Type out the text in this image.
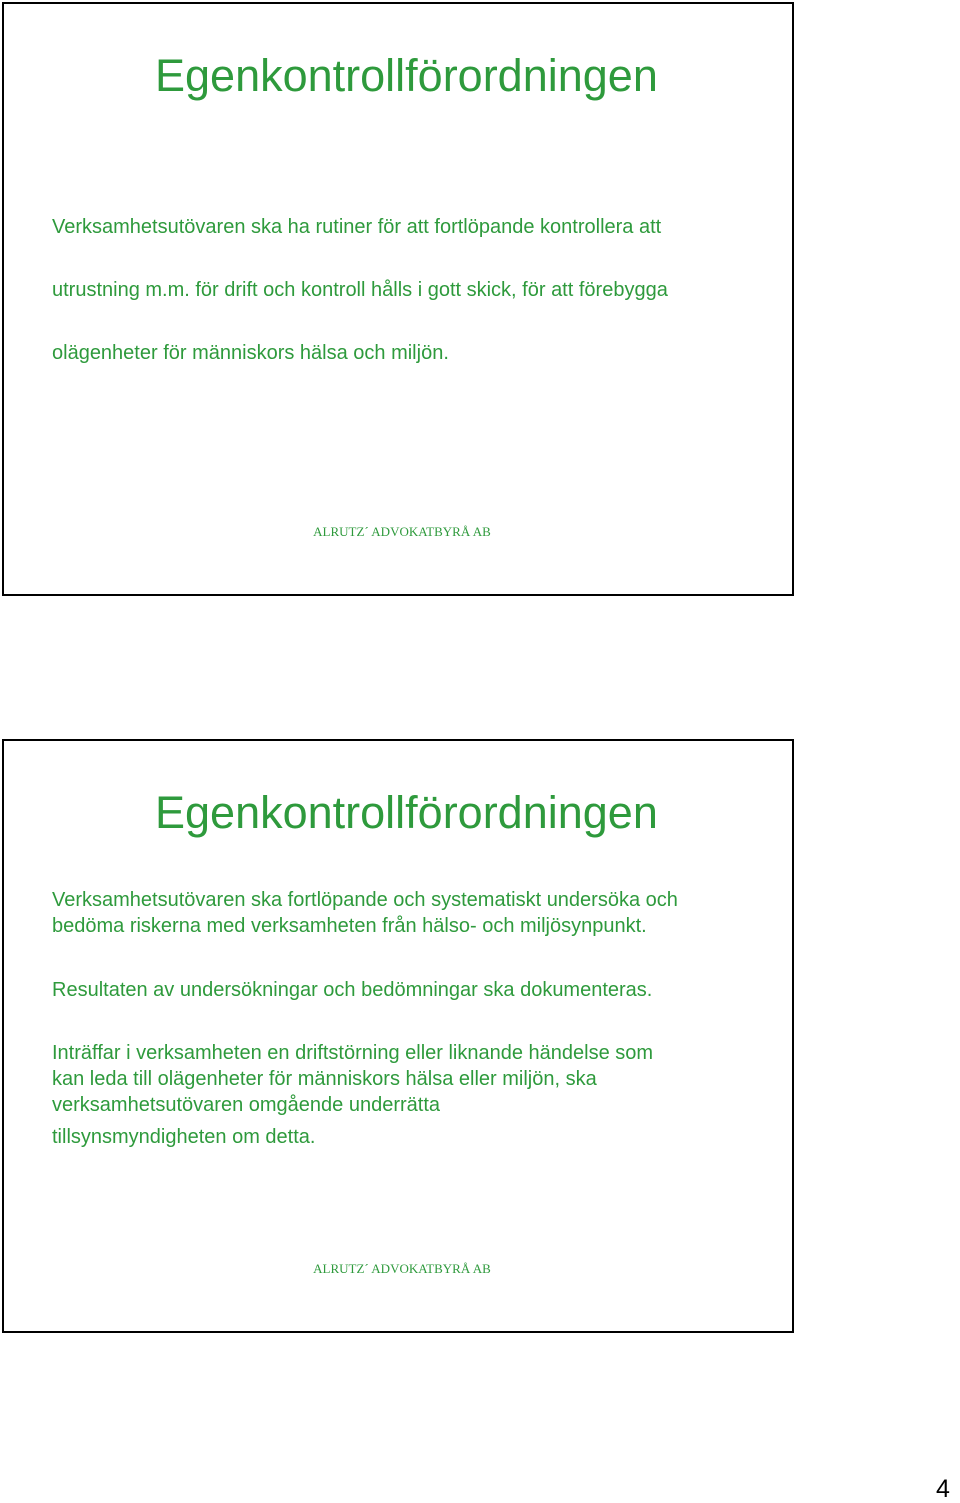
Egenkontrollförordningen

Verksamhetsutövaren ska ha rutiner för att fortlöpande kontrollera att

utrustning m.m. för drift och kontroll hålls i gott skick, för att förebygga

olägenheter för människors hälsa och miljön.

ALRUTZ´ ADVOKATBYRÅ AB
Egenkontrollförordningen

Verksamhetsutövaren ska fortlöpande och systematiskt undersöka och

bedöma riskerna med verksamheten från hälso- och miljösynpunkt.

Resultaten av undersökningar och bedömningar ska dokumenteras.

Inträffar i verksamheten en driftstörning eller liknande händelse som

kan leda till olägenheter för människors hälsa eller miljön, ska

verksamhetsutövaren omgående underrätta

tillsynsmyndigheten om detta.

ALRUTZ´ ADVOKATBYRÅ AB
4
